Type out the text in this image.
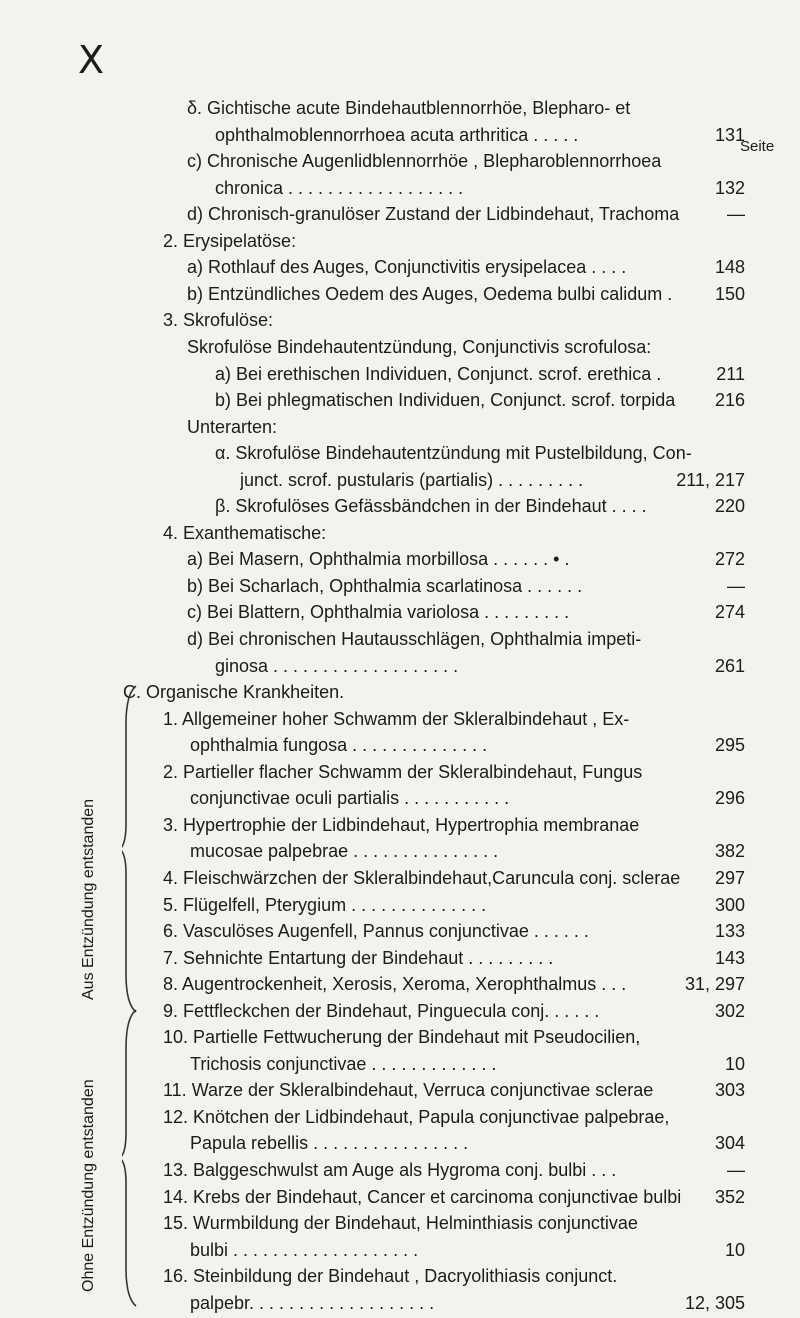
X
Seite
δ. Gichtische acute Bindehautblennorrhöe, Blepharo- et
ophthalmoblennorrhoea acuta arthritica . . . . .	131
c) Chronische Augenlidblennorrhöe , Blepharoblennorrhoea
chronica . . . . . . . . . . . . . . . . . .	132
d) Chronisch-granulöser Zustand der Lidbindehaut, Trachoma	—
2. Erysipelatöse:
a) Rothlauf des Auges, Conjunctivitis erysipelacea . . . .	148
b) Entzündliches Oedem des Auges, Oedema bulbi calidum .	150
3. Skrofulöse:
Skrofulöse Bindehautentzündung, Conjunctivis scrofulosa:
a) Bei erethischen Individuen, Conjunct. scrof. erethica .	211
b) Bei phlegmatischen Individuen, Conjunct. scrof. torpida	216
Unterarten:
α. Skrofulöse Bindehautentzündung mit Pustelbildung, Con-
junct. scrof. pustularis (partialis) . . . . . . . . .	211, 217
β. Skrofulöses Gefässbändchen in der Bindehaut . . . .	220
4. Exanthematische:
a) Bei Masern, Ophthalmia morbillosa . . . . . . • .	272
b) Bei Scharlach, Ophthalmia scarlatinosa . . . . . .	—
c) Bei Blattern, Ophthalmia variolosa . . . . . . . . .	274
d) Bei chronischen Hautausschlägen, Ophthalmia impeti-
ginosa . . . . . . . . . . . . . . . . . . .	261
C. Organische Krankheiten.
1. Allgemeiner hoher Schwamm der Skleralbindehaut , Ex-
ophthalmia fungosa . . . . . . . . . . . . . .	295
2. Partieller flacher Schwamm der Skleralbindehaut, Fungus
conjunctivae oculi partialis . . . . . . . . . . .	296
3. Hypertrophie der Lidbindehaut, Hypertrophia membranae
mucosae palpebrae . . . . . . . . . . . . . . .	382
4. Fleischwärzchen der Skleralbindehaut,Caruncula conj. sclerae	297
5. Flügelfell, Pterygium . . . . . . . . . . . . . .	300
6. Vasculöses Augenfell, Pannus conjunctivae . . . . . .	133
7. Sehnichte Entartung der Bindehaut . . . . . . . . .	143
8. Augentrockenheit, Xerosis, Xeroma, Xerophthalmus . . .	31, 297
9. Fettfleckchen der Bindehaut, Pinguecula conj. . . . . .	302
10. Partielle Fettwucherung der Bindehaut mit Pseudocilien,
Trichosis conjunctivae . . . . . . . . . . . . .	10
11. Warze der Skleralbindehaut, Verruca conjunctivae sclerae	303
12. Knötchen der Lidbindehaut, Papula conjunctivae palpebrae,
Papula rebellis . . . . . . . . . . . . . . . .	304
13. Balggeschwulst am Auge als Hygroma conj. bulbi . . .	—
14. Krebs der Bindehaut, Cancer et carcinoma conjunctivae bulbi	352
15. Wurmbildung der Bindehaut, Helminthiasis conjunctivae
bulbi . . . . . . . . . . . . . . . . . . .	10
16. Steinbildung der Bindehaut , Dacryolithiasis conjunct.
palpebr. . . . . . . . . . . . . . . . . . .	12, 305
Aus Entzündung entstanden
Ohne Entzündung entstanden
